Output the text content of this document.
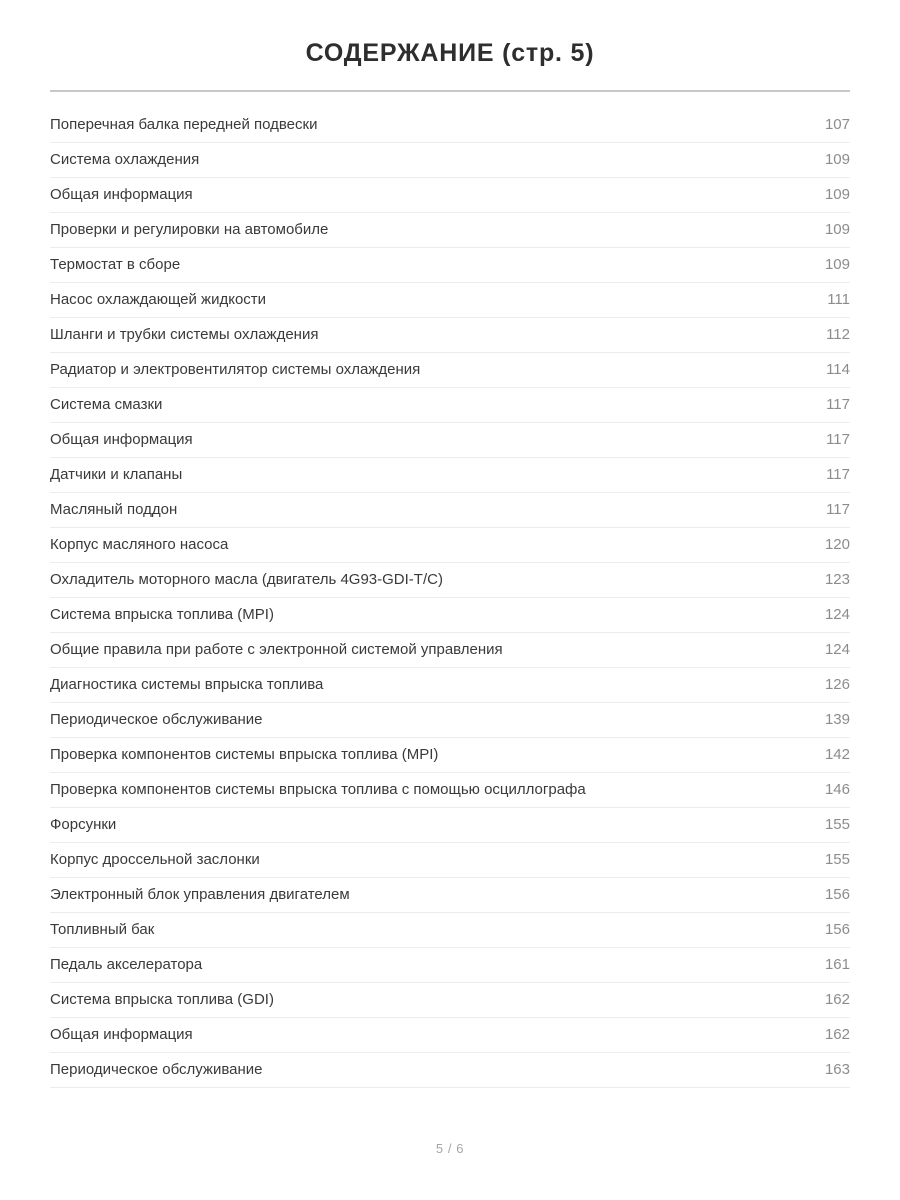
СОДЕРЖАНИЕ (стр. 5)
Поперечная балка передней подвески	107
Система охлаждения	109
Общая информация	109
Проверки и регулировки на автомобиле	109
Термостат в сборе	109
Насос охлаждающей жидкости	111
Шланги и трубки системы охлаждения	112
Радиатор и электровентилятор системы охлаждения	114
Система смазки	117
Общая информация	117
Датчики и клапаны	117
Масляный поддон	117
Корпус масляного насоса	120
Охладитель моторного масла (двигатель 4G93-GDI-T/C)	123
Система впрыска топлива (MPI)	124
Общие правила при работе с электронной системой управления	124
Диагностика системы впрыска топлива	126
Периодическое обслуживание	139
Проверка компонентов системы впрыска топлива (MPI)	142
Проверка компонентов системы впрыска топлива с помощью осциллографа	146
Форсунки	155
Корпус дроссельной заслонки	155
Электронный блок управления двигателем	156
Топливный бак	156
Педаль акселератора	161
Система впрыска топлива (GDI)	162
Общая информация	162
Периодическое обслуживание	163
5 / 6
